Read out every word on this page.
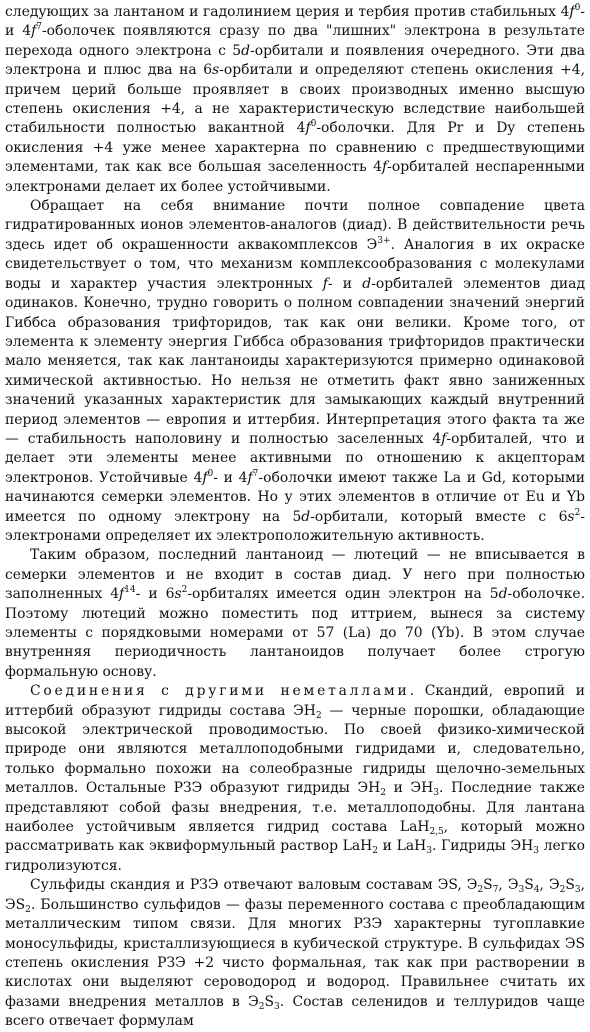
следующих за лантаном и гадолинием церия и тербия против стабильных $4f^0-$ и $4f^7$-оболочек появляются сразу по два "лишних" электрона в результате перехода одного электрона с 5d-орбитали и появления очередного. Эти два электрона и плюс два на 6s-орбитали и определяют степень окисления +4, причем церий больше проявляет в своих производных именно высшую степень окисления +4, а не характеристическую вследствие наибольшей стабильности полностью вакантной $4f^0$-оболочки. Для Pr и Dy степень окисления +4 уже менее характерна по сравнению с предшествующими элементами, так как все большая заселенность 4f-орбиталей неспаренными электронами делает их более устойчивыми.

Обращает на себя внимание почти полное совпадение цвета гидратированных ионов элементов-аналогов (диад). В действительности речь здесь идет об окрашенности аквакомплексов $Э^{3+}$. Аналогия в их окраске свидетельствует о том, что механизм комплексообразования с молекулами воды и характер участия электронных f- и d-орбиталей элементов диад одинаков. Конечно, трудно говорить о полном совпадении значений энергий Гиббса образования трифторидов, так как они велики. Кроме того, от элемента к элементу энергия Гиббса образования трифторидов практически мало меняется, так как лантаноиды характеризуются примерно одинаковой химической активностью. Но нельзя не отметить факт явно заниженных значений указанных характеристик для замыкающих каждый внутренний период элементов — европия и иттербия. Интерпретация этого факта та же — стабильность наполовину и полностью заселенных 4f-орбиталей, что и делает эти элементы менее активными по отношению к акцепторам электронов. Устойчивые $4f^0-$ и $4f^7$-оболочки имеют также La и Gd, которыми начинаются семерки элементов. Но у этих элементов в отличие от Eu и Yb имеется по одному электрону на 5d-орбитали, который вместе с $6s^2$-электронами определяет их электроположительную активность.

Таким образом, последний лантаноид — лютеций — не вписывается в семерки элементов и не входит в состав диад. У него при полностью заполненных $4f^{14}-$ и $6s^2$-орбиталях имеется один электрон на 5d-оболочке. Поэтому лютеций можно поместить под иттрием, вынеся за систему элементы с порядковыми номерами от 57 (La) до 70 (Yb). В этом случае внутренняя периодичность лантаноидов получает более строгую формальную основу.

Соединения с другими неметаллами. Скандий, европий и иттербий образуют гидриды состава $ЭН_2$ — черные порошки, обладающие высокой электрической проводимостью. По своей физико-химической природе они являются металлоподобными гидридами и, следовательно, только формально похожи на солеобразные гидриды щелочно-земельных металлов. Остальные РЗЭ образуют гидриды $ЭН_2$ и $ЭН_3$. Последние также представляют собой фазы внедрения, т.е. металлоподобны. Для лантана наиболее устойчивым является гидрид состава LaH$_{2,5}$, который можно рассматривать как эквиформульный раствор LaH$_2$ и LaH$_3$. Гидриды $ЭН_3$ легко гидролизуются.

Сульфиды скандия и РЗЭ отвечают валовым составам ЭS, $Э_2S_7$, $Э_3S_4$, $Э_2S_3$, $ЭS_2$. Большинство сульфидов — фазы переменного состава с преобладающим металлическим типом связи. Для многих РЗЭ характерны тугоплавкие моносульфиды, кристаллизующиеся в кубической структуре. В сульфидах ЭS степень окисления РЗЭ +2 чисто формальная, так как при растворении в кислотах они выделяют сероводород и водород. Правильнее считать их фазами внедрения металлов в $Э_2S_3$. Состав селенидов и теллуридов чаще всего отвечает формулам
